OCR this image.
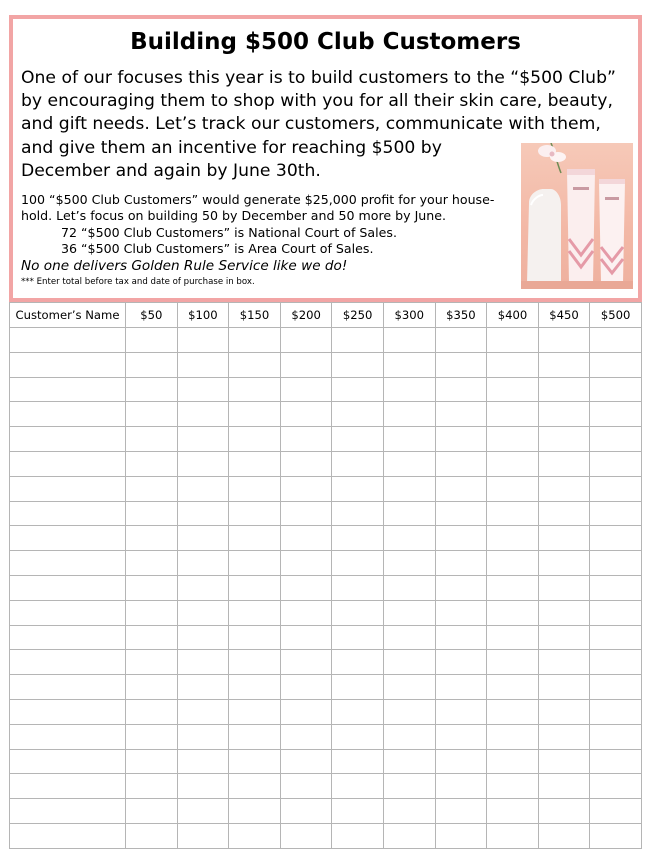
Building $500 Club Customers
One of our focuses this year is to build customers to the “$500 Club”
by encouraging them to shop with you for all their skin care, beauty,
and gift needs. Let’s track our customers, communicate with them,
and give them an incentive for reaching $500 by
December and again by June 30th.
100 “$500 Club Customers” would generate $25,000 profit for your house-
hold. Let’s focus on building 50 by December and 50 more by June.
72 “$500 Club Customers” is National Court of Sales.
36 “$500 Club Customers” is Area Court of Sales.
No one delivers Golden Rule Service like we do!
*** Enter total before tax and date of purchase in box.
Customer’s Name	$50	$100	$150	$200	$250	$300	$350	$400	$450	$500
